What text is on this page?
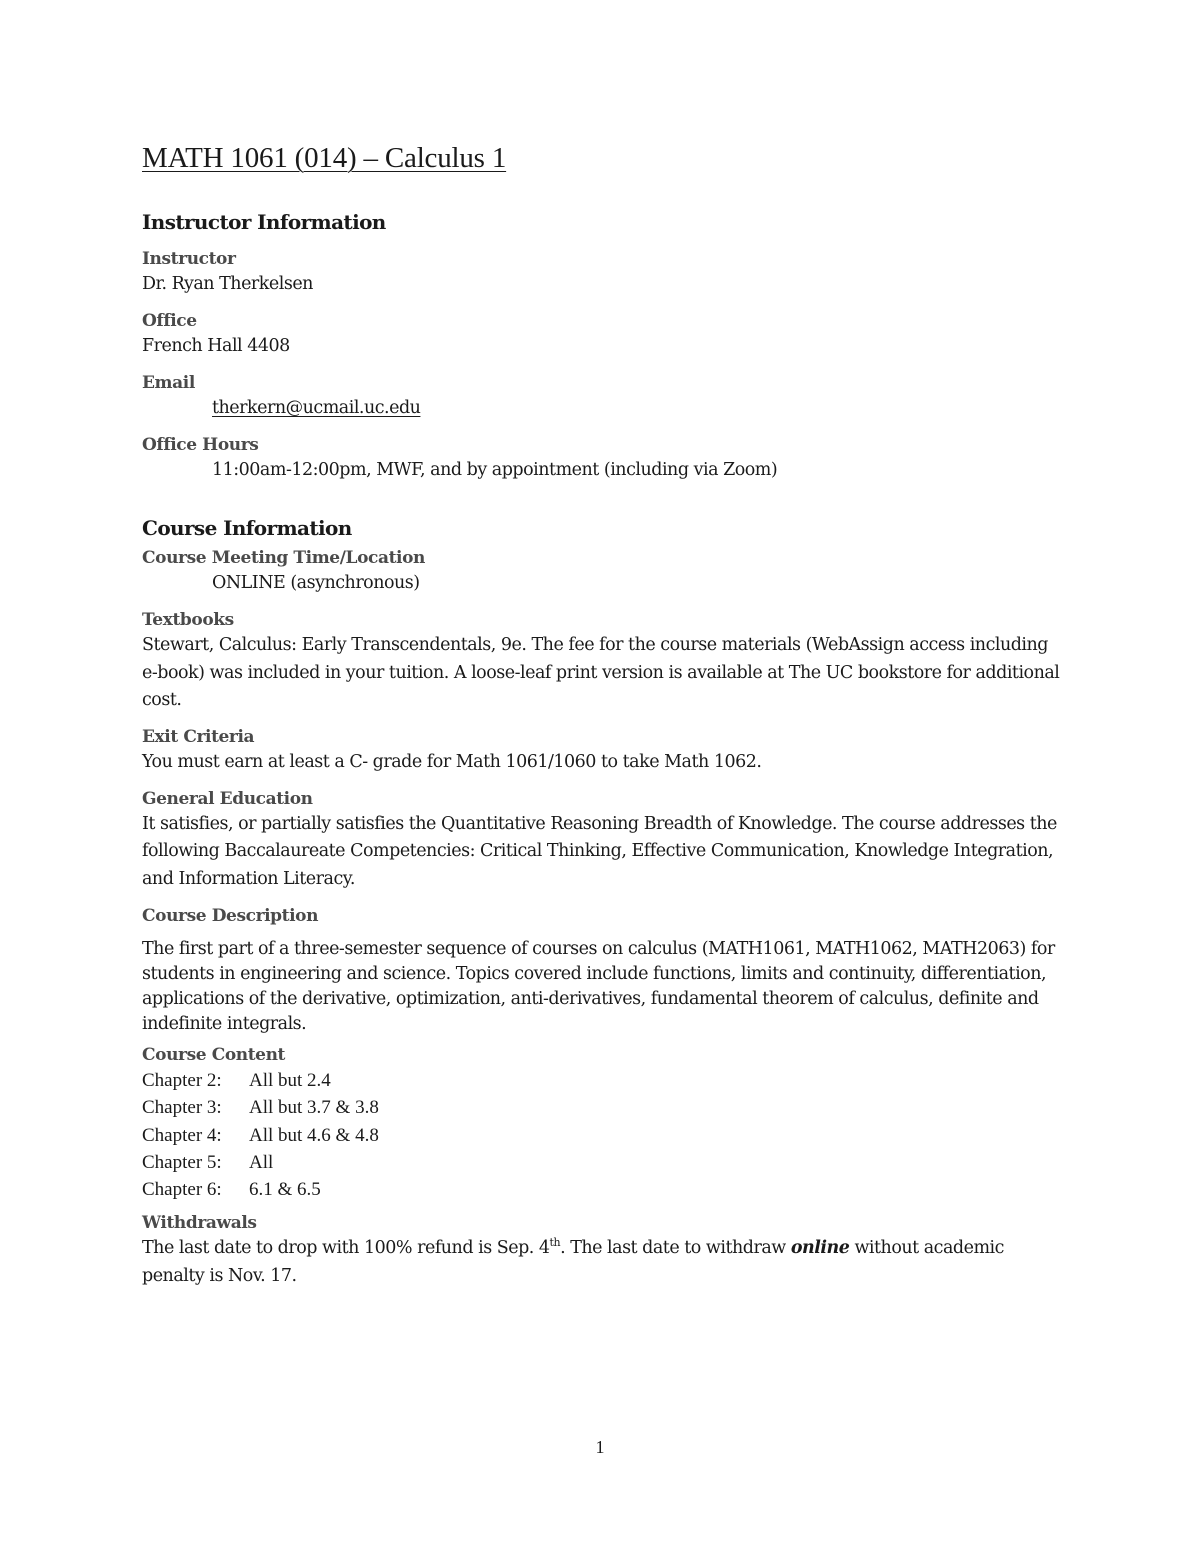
MATH 1061 (014) – Calculus 1
Instructor Information

Instructor

Dr. Ryan Therkelsen

Office

French Hall 4408

Email

therkern@ucmail.uc.edu

Office Hours

11:00am-12:00pm, MWF, and by appointment (including via Zoom)

Course Information

Course Meeting Time/Location

ONLINE (asynchronous)

Textbooks

Stewart, Calculus: Early Transcendentals, 9e. The fee for the course materials (WebAssign access including e-book) was included in your tuition. A loose-leaf print version is available at The UC bookstore for additional cost.

Exit Criteria

You must earn at least a C- grade for Math 1061/1060 to take Math 1062.

General Education

It satisfies, or partially satisfies the Quantitative Reasoning Breadth of Knowledge. The course addresses the following Baccalaureate Competencies: Critical Thinking, Effective Communication, Knowledge Integration, and Information Literacy.

Course Description

The first part of a three-semester sequence of courses on calculus (MATH1061, MATH1062, MATH2063) for students in engineering and science. Topics covered include functions, limits and continuity, differentiation, applications of the derivative, optimization, anti-derivatives, fundamental theorem of calculus, definite and indefinite integrals.

Course Content

Chapter 2:	All but 2.4
Chapter 3:	All but 3.7 & 3.8
Chapter 4:	All but 4.6 & 4.8
Chapter 5:	All
Chapter 6:	6.1 & 6.5

Withdrawals

The last date to drop with 100% refund is Sep. 4th. The last date to withdraw online without academic penalty is Nov. 17.

1
